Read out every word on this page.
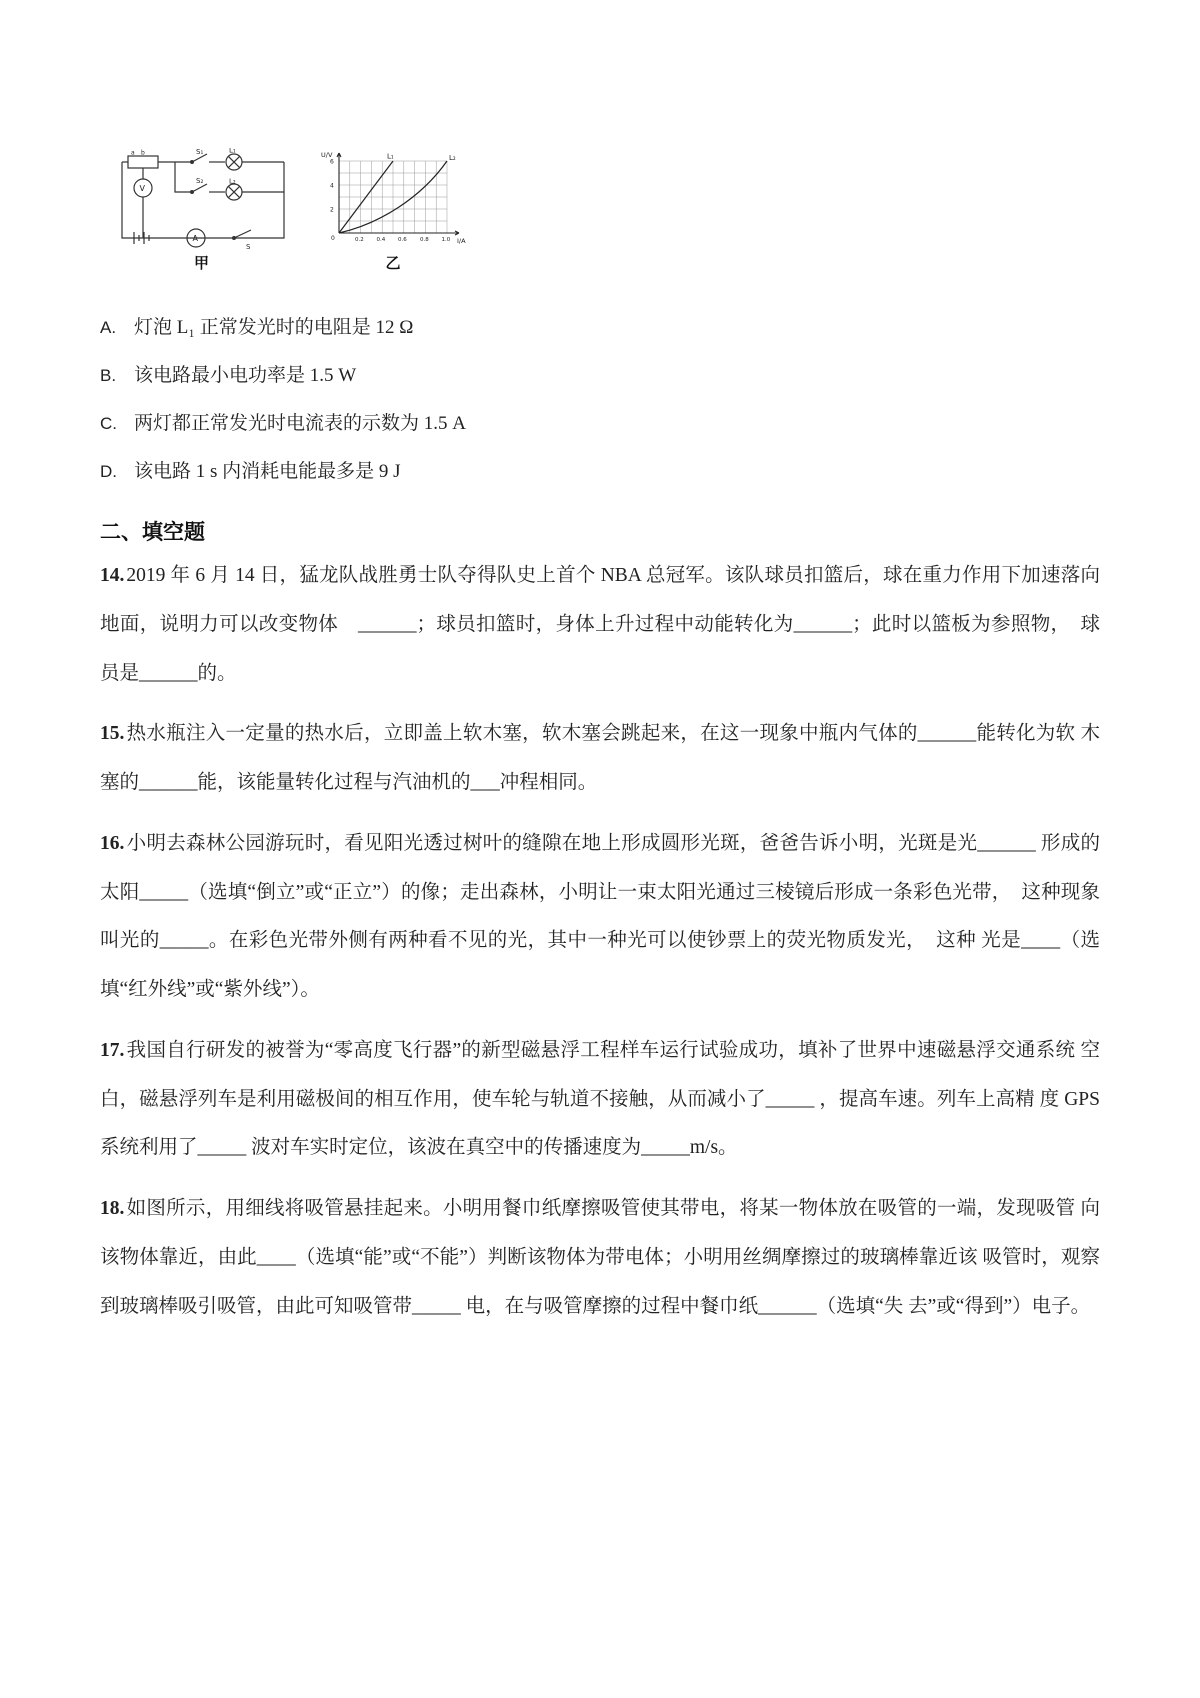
a b	S₁	L₁
S₂	L₂
V
A
S
甲
U/V
I/A
0
6
4
2
0.2 0.4 0.6 0.8 1.0
L₁	L₂
乙
A. 灯泡 L₁ 正常发光时的电阻是 12 Ω
B. 该电路最小电功率是 1.5 W
C. 两灯都正常发光时电流表的示数为 1.5 A
D. 该电路 1 s 内消耗电能最多是 9 J
二、填空题

14. 2019 年 6 月 14 日，猛龙队战胜勇士队夺得队史上首个 NBA 总冠军。该队球员扣篮后，球在重力作用下加速落向 地面，说明力可以改变物体　______；球员扣篮时，身体上升过程中动能转化为______；此时以篮板为参照物，　球员是______的。

15. 热水瓶注入一定量的热水后，立即盖上软木塞，软木塞会跳起来，在这一现象中瓶内气体的______能转化为软 木塞的______能，该能量转化过程与汽油机的___冲程相同。

16. 小明去森林公园游玩时，看见阳光透过树叶的缝隙在地上形成圆形光斑，爸爸告诉小明，光斑是光______ 形成的太阳_____（选填“倒立”或“正立”）的像；走出森林，小明让一束太阳光通过三棱镜后形成一条彩色光带，　这种现象叫光的_____。在彩色光带外侧有两种看不见的光，其中一种光可以使钞票上的荧光物质发光，　这种 光是____（选填“红外线”或“紫外线”）。

17. 我国自行研发的被誉为“零高度飞行器”的新型磁悬浮工程样车运行试验成功，填补了世界中速磁悬浮交通系统 空白，磁悬浮列车是利用磁极间的相互作用，使车轮与轨道不接触，从而减小了_____ ，提高车速。列车上高精 度 GPS 系统利用了_____ 波对车实时定位，该波在真空中的传播速度为_____m/s。

18. 如图所示，用细线将吸管悬挂起来。小明用餐巾纸摩擦吸管使其带电，将某一物体放在吸管的一端，发现吸管 向该物体靠近，由此____（选填“能”或“不能”）判断该物体为带电体；小明用丝绸摩擦过的玻璃棒靠近该 吸管时，观察到玻璃棒吸引吸管，由此可知吸管带_____ 电，在与吸管摩擦的过程中餐巾纸______（选填“失 去”或“得到”）电子。
